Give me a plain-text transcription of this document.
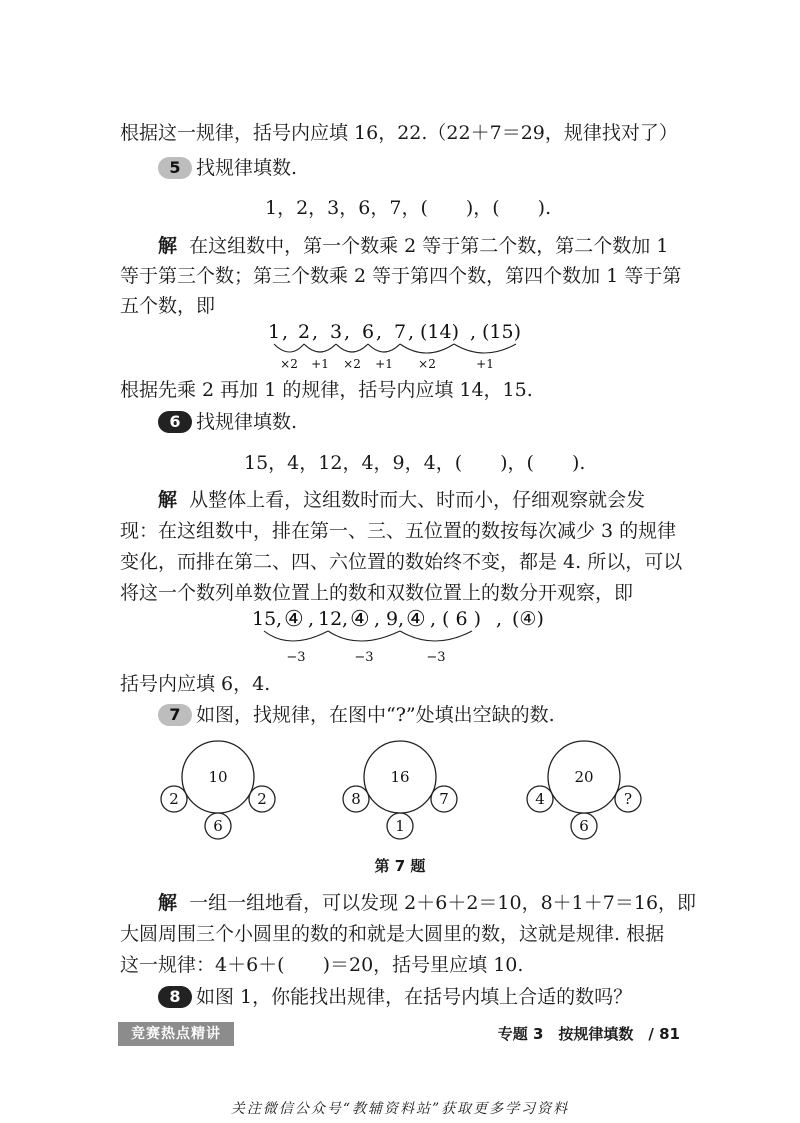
根据这一规律，括号内应填 16，22.（22＋7＝29，规律找对了）
5 找规律填数.
1，2，3，6，7，(　　)，(　　).
解 在这组数中，第一个数乘 2 等于第二个数，第二个数加 1
等于第三个数；第三个数乘 2 等于第四个数，第四个数加 1 等于第
五个数，即
1 , 2 , 3 , 6 , 7 , (14) , (15)
×2 +1 ×2 +1 ×2	+1
根据先乘 2 再加 1 的规律，括号内应填 14，15.
6 找规律填数.
15，4，12，4，9，4，(　　)，(　　).
解 从整体上看，这组数时而大、时而小，仔细观察就会发
现：在这组数中，排在第一、三、五位置的数按每次减少 3 的规律
变化，而排在第二、四、六位置的数始终不变，都是 4. 所以，可以
将这一个数列单数位置上的数和双数位置上的数分开观察，即
15 , ④ , 12 , ④ , 9 , ④ , ( 6 ) , (④)
−3	−3	−3
括号内应填 6，4.
7 如图，找规律，在图中“?”处填出空缺的数.
10
2	2
6
16
8	7
1
20
4	?
6
第 7 题
解 一组一组地看，可以发现 2＋6＋2＝10，8＋1＋7＝16，即
大圆周围三个小圆里的数的和就是大圆里的数，这就是规律. 根据
这一规律：4＋6＋(　　)＝20，括号里应填 10.
8 如图 1，你能找出规律，在括号内填上合适的数吗？
竞赛热点精讲	专题 3　按规律填数　/ 81
关注微信公众号“教辅资料站”获取更多学习资料
